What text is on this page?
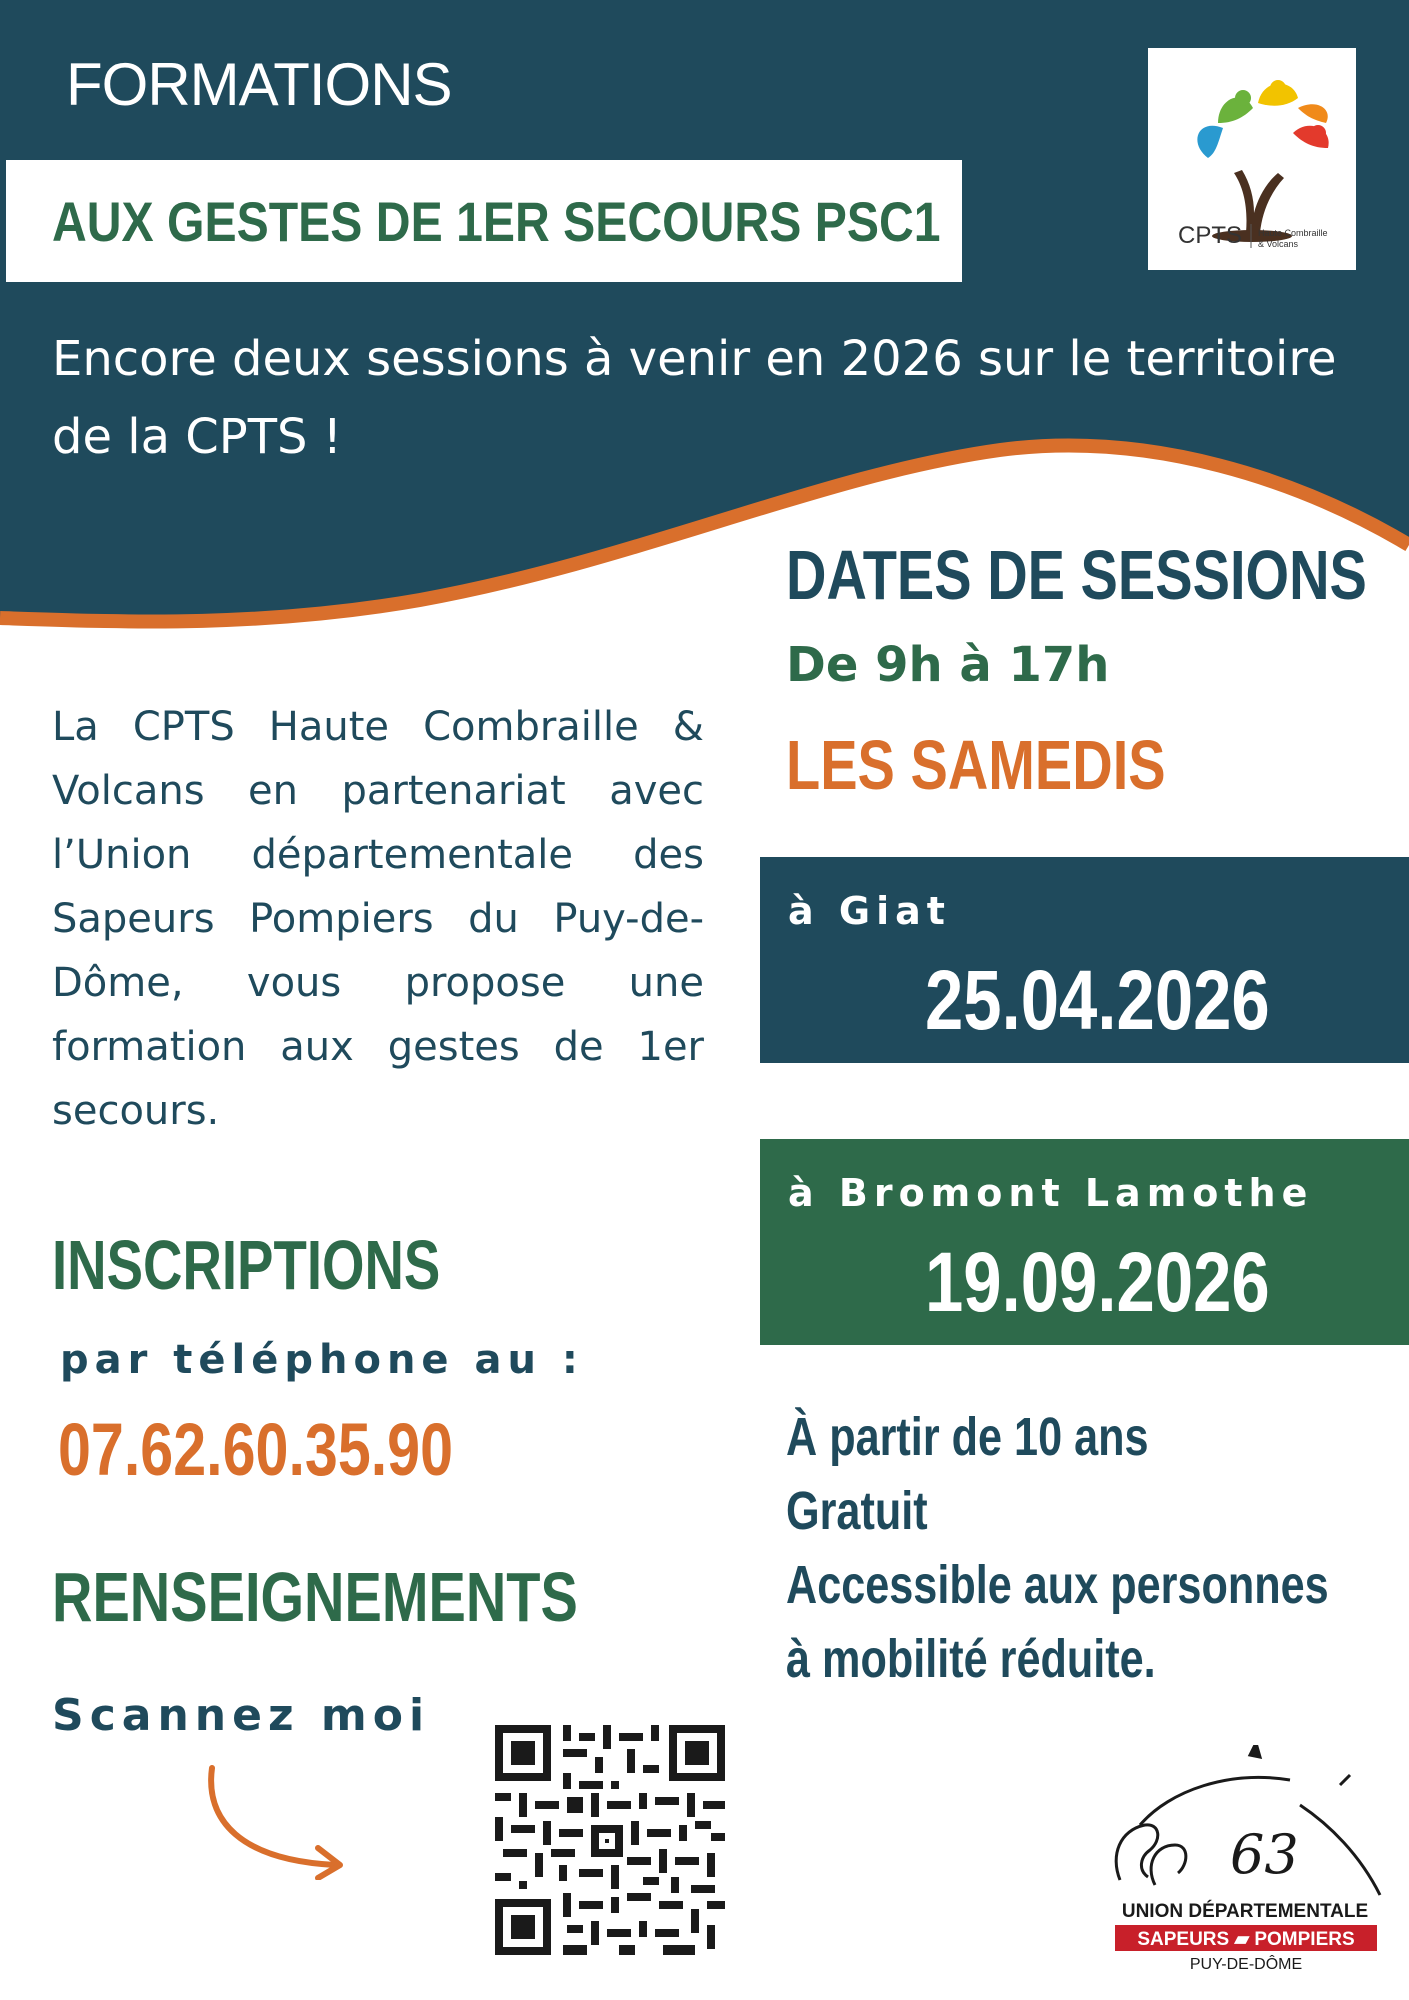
FORMATIONS
AUX GESTES DE 1ER SECOURS PSC1
Encore deux sessions à venir en 2026 sur le territoire de la CPTS !
CPTS Haute Combraille
& Volcans
DATES DE SESSIONS
De 9h à 17h
LES SAMEDIS
à Giat
25.04.2026
à Bromont Lamothe
19.09.2026
À partir de 10 ans
Gratuit
Accessible aux personnes
à mobilité réduite.
La CPTS Haute Combraille & Volcans en partenariat avec l’Union départementale des Sapeurs Pompiers du Puy-de-Dôme, vous propose une formation aux gestes de 1er secours.
INSCRIPTIONS
par téléphone au :
07.62.60.35.90
RENSEIGNEMENTS
Scannez moi
63
UNION DÉPARTEMENTALE
SAPEURS ▰ POMPIERS
PUY-DE-DÔME
